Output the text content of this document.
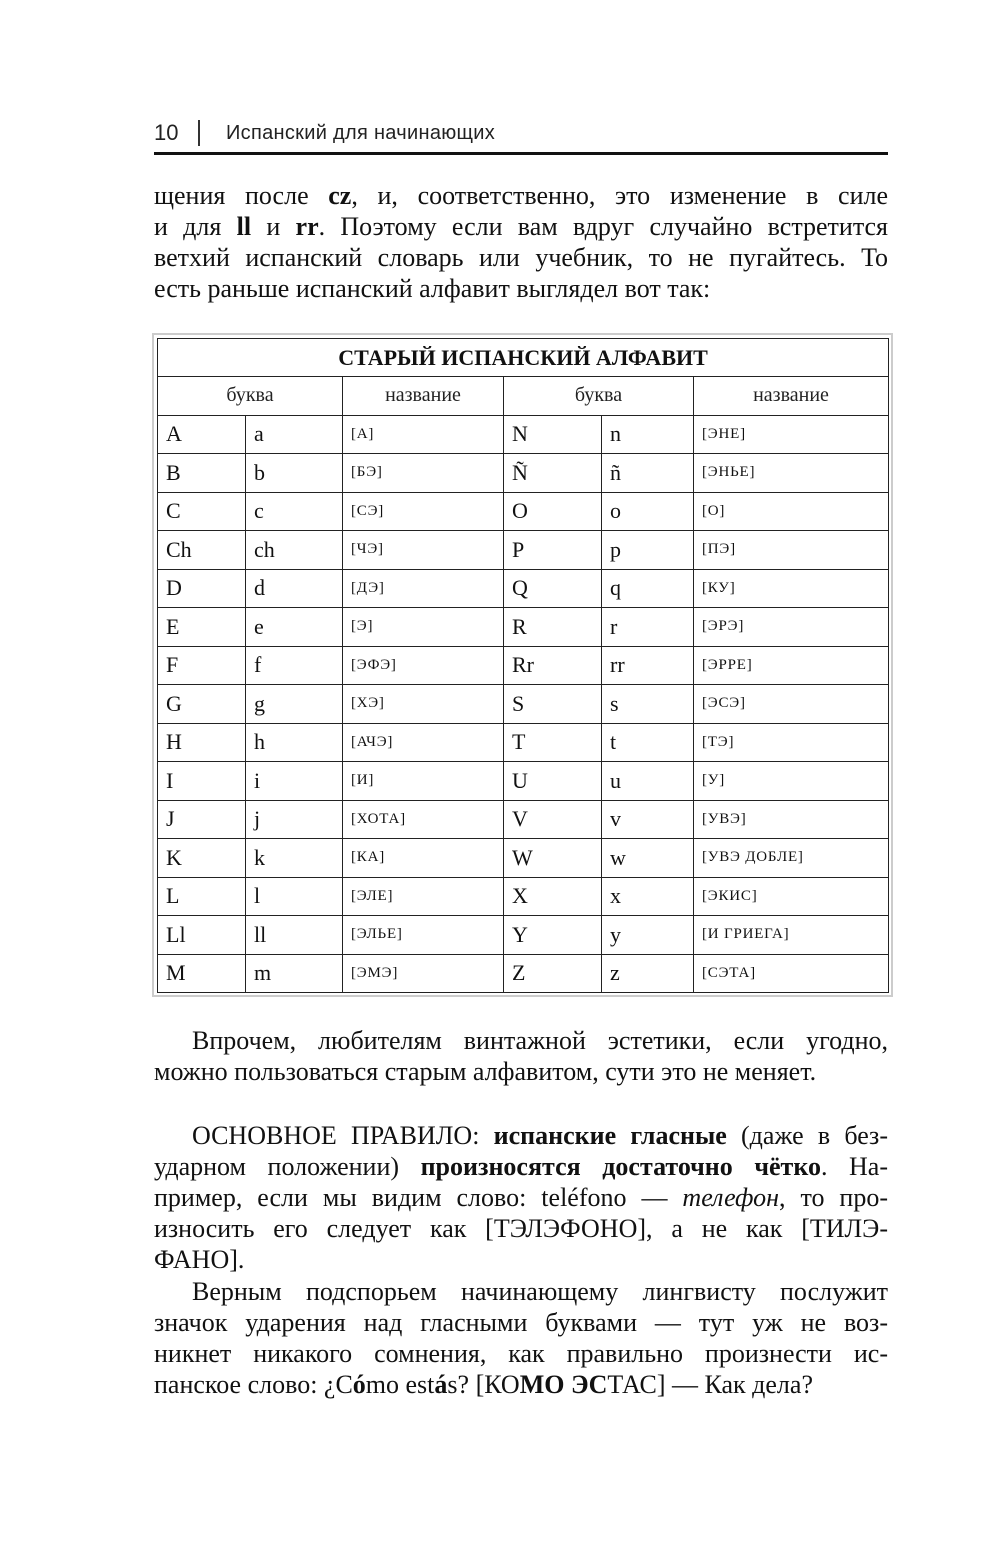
10 Испанский для начинающих
щения после cz, и, соответственно, это изменение в силе
и для ll и rr. Поэтому если вам вдруг случайно встретится
ветхий испанский словарь или учебник, то не пугайтесь. То
есть раньше испанский алфавит выглядел вот так:
СТАРЫЙ ИСПАНСКИЙ АЛФАВИТ					
буква		название	буква		название
A	a	[А]	N	n	[ЭНЕ]
B	b	[БЭ]	Ñ	ñ	[ЭНЬЕ]
C	c	[СЭ]	O	o	[О]
Ch	ch	[ЧЭ]	P	p	[ПЭ]
D	d	[ДЭ]	Q	q	[КУ]
E	e	[Э]	R	r	[ЭРЭ]
F	f	[ЭФЭ]	Rr	rr	[ЭРРЕ]
G	g	[ХЭ]	S	s	[ЭСЭ]
H	h	[АЧЭ]	T	t	[ТЭ]
I	i	[И]	U	u	[У]
J	j	[ХОТА]	V	v	[УВЭ]
K	k	[КА]	W	w	[УВЭ ДОБЛЕ]
L	l	[ЭЛЕ]	X	x	[ЭКИС]
Ll	ll	[ЭЛЬЕ]	Y	y	[И ГРИЕГА]
M	m	[ЭМЭ]	Z	z	[СЭТА]
Впрочем, любителям винтажной эстетики, если угодно,
можно пользоваться старым алфавитом, сути это не меняет.
ОСНОВНОЕ ПРАВИЛО: испанские гласные (даже в без-
ударном положении) произносятся достаточно чётко. На-
пример, если мы видим слово: teléfono — телефон, то про-
износить его следует как [ТЭЛЭФОНО], а не как [ТИЛЭ-
ФАНО].
Верным подспорьем начинающему лингвисту послужит
значок ударения над гласными буквами — тут уж не воз-
никнет никакого сомнения, как правильно произнести ис-
панское слово: ¿Cómo estás? [КОМО ЭСТАС] — Как дела?
